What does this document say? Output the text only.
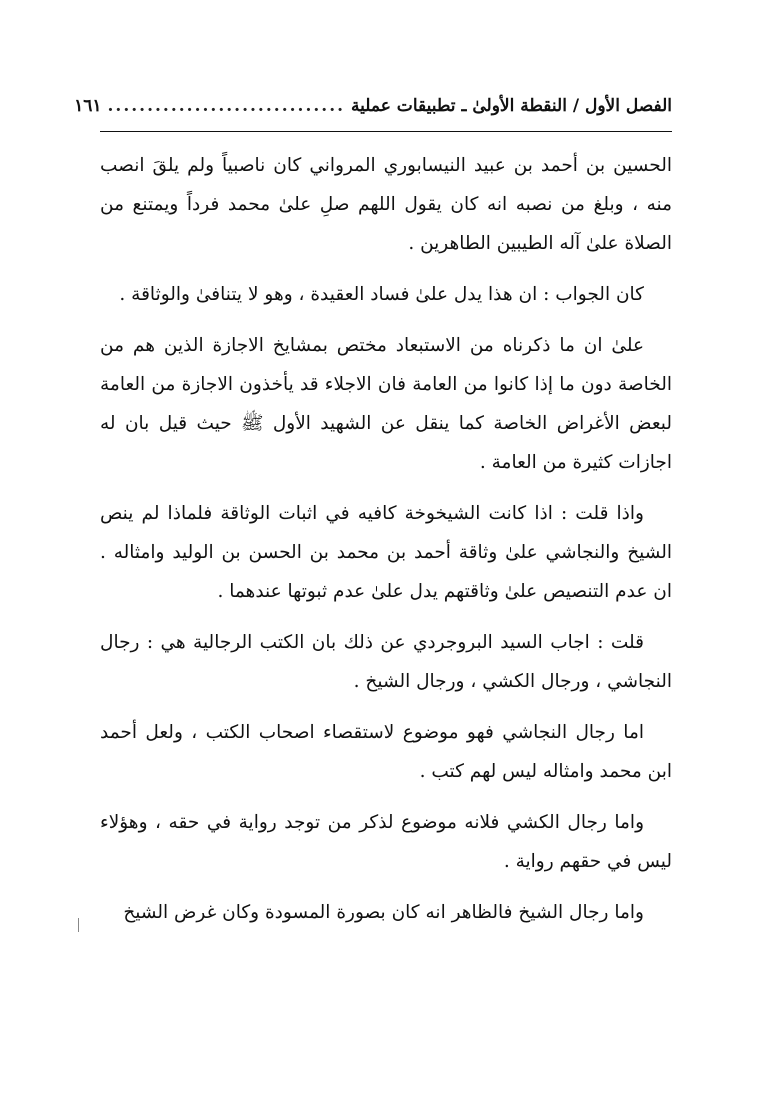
الفصل الأول / النقطة الأولىٰ ـ تطبيقات عملية
..............................
١٦١

الحسين بن أحمد بن عبيد النيسابوري المرواني كان ناصبياً ولم يلقَ انصب منه ، وبلغ من نصبه انه كان يقول اللهم صلِ علىٰ محمد فرداً ويمتنع من الصلاة علىٰ آله الطيبين الطاهرين .

كان الجواب : ان هذا يدل علىٰ فساد العقيدة ، وهو لا يتنافىٰ والوثاقة .

علىٰ ان ما ذكرناه من الاستبعاد مختص بمشايخ الاجازة الذين هم من الخاصة دون ما إذا كانوا من العامة فان الاجلاء قد يأخذون الاجازة من العامة لبعض الأغراض الخاصة كما ينقل عن الشهيد الأول ﷺ حيث قيل بان له اجازات كثيرة من العامة .

واذا قلت : اذا كانت الشيخوخة كافيه في اثبات الوثاقة فلماذا لم ينص الشيخ والنجاشي علىٰ وثاقة أحمد بن محمد بن الحسن بن الوليد وامثاله . ان عدم التنصيص علىٰ وثاقتهم يدل علىٰ عدم ثبوتها عندهما .

قلت : اجاب السيد البروجردي عن ذلك بان الكتب الرجالية هي : رجال النجاشي ، ورجال الكشي ، ورجال الشيخ .

اما رجال النجاشي فهو موضوع لاستقصاء اصحاب الكتب ، ولعل أحمد ابن محمد وامثاله ليس لهم كتب .

واما رجال الكشي فلانه موضوع لذكر من توجد رواية في حقه ، وهؤلاء ليس في حقهم رواية .

واما رجال الشيخ فالظاهر انه كان بصورة المسودة وكان غرض الشيخ
